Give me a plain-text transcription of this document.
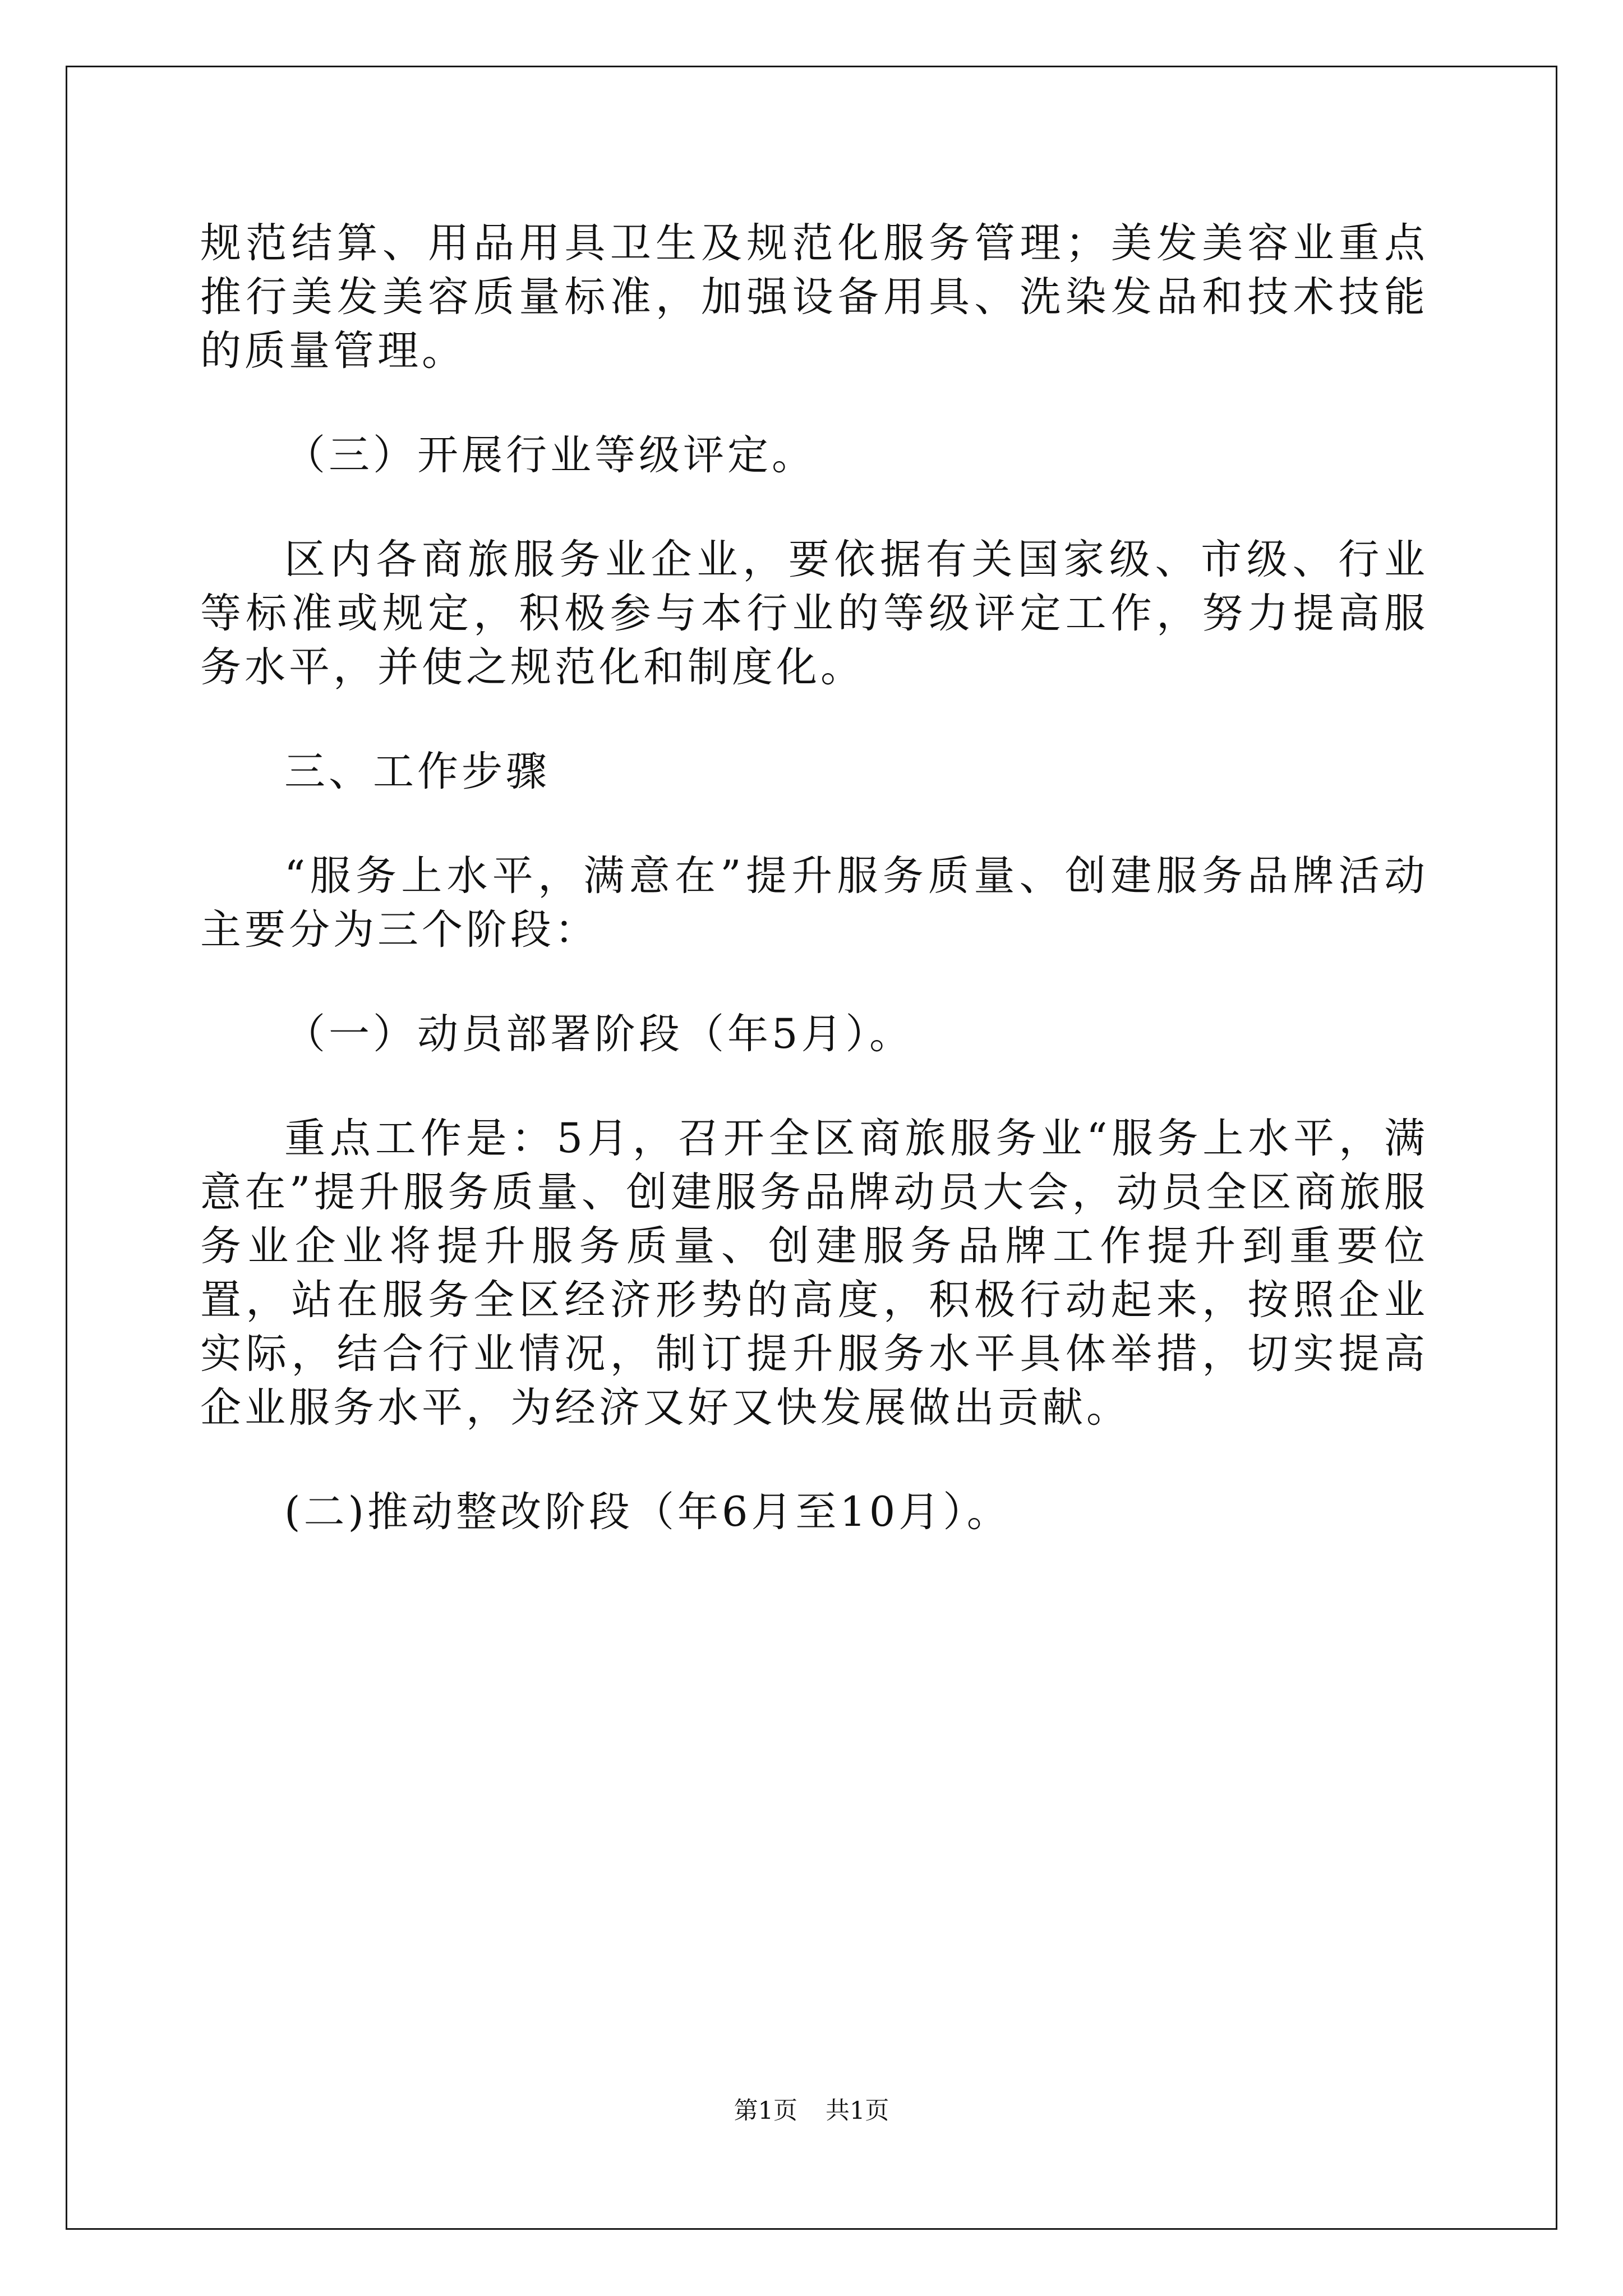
规范结算、用品用具卫生及规范化服务管理；美发美容业重点推行美发美容质量标准，加强设备用具、洗染发品和技术技能的质量管理。

（三）开展行业等级评定。

区内各商旅服务业企业，要依据有关国家级、市级、行业等标准或规定，积极参与本行业的等级评定工作，努力提高服务水平，并使之规范化和制度化。

三、工作步骤

“服务上水平，满意在”提升服务质量、创建服务品牌活动主要分为三个阶段：

（一）动员部署阶段（年5月）。

重点工作是：5月，召开全区商旅服务业“服务上水平，满意在”提升服务质量、创建服务品牌动员大会，动员全区商旅服务业企业将提升服务质量、创建服务品牌工作提升到重要位置，站在服务全区经济形势的高度，积极行动起来，按照企业实际，结合行业情况，制订提升服务水平具体举措，切实提高企业服务水平，为经济又好又快发展做出贡献。

(二)推动整改阶段（年6月至10月）。

第1页 共1页
